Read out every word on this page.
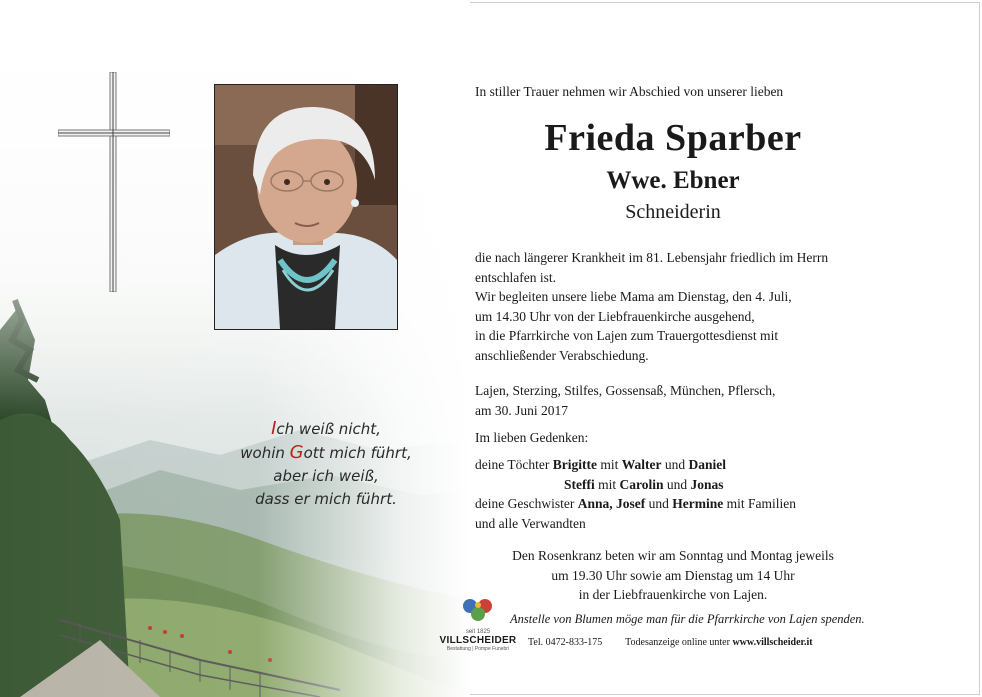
Ich weiß nicht,
wohin Gott mich führt,
aber ich weiß,
dass er mich führt.
In stiller Trauer nehmen wir Abschied von unserer lieben
Frieda Sparber
Wwe. Ebner
Schneiderin
die nach längerer Krankheit im 81. Lebensjahr friedlich im Herrn
entschlafen ist.
Wir begleiten unsere liebe Mama am Dienstag, den 4. Juli,
um 14.30 Uhr von der Liebfrauenkirche ausgehend,
in die Pfarrkirche von Lajen zum Trauergottesdienst mit
anschließender Verabschiedung.
Lajen, Sterzing, Stilfes, Gossensaß, München, Pflersch,
am 30. Juni 2017
Im lieben Gedenken:
deine Töchter Brigitte mit Walter und Daniel
Steffi mit Carolin und Jonas
deine Geschwister Anna, Josef und Hermine mit Familien
und alle Verwandten
Den Rosenkranz beten wir am Sonntag und Montag jeweils
um 19.30 Uhr sowie am Dienstag um 14 Uhr
in der Liebfrauenkirche von Lajen.
seit 1825
VILLSCHEIDER
Bestattung | Pompe Funebri
Anstelle von Blumen möge man für die Pfarrkirche von Lajen spenden.
Tel. 0472-833-175 Todesanzeige online unter www.villscheider.it
